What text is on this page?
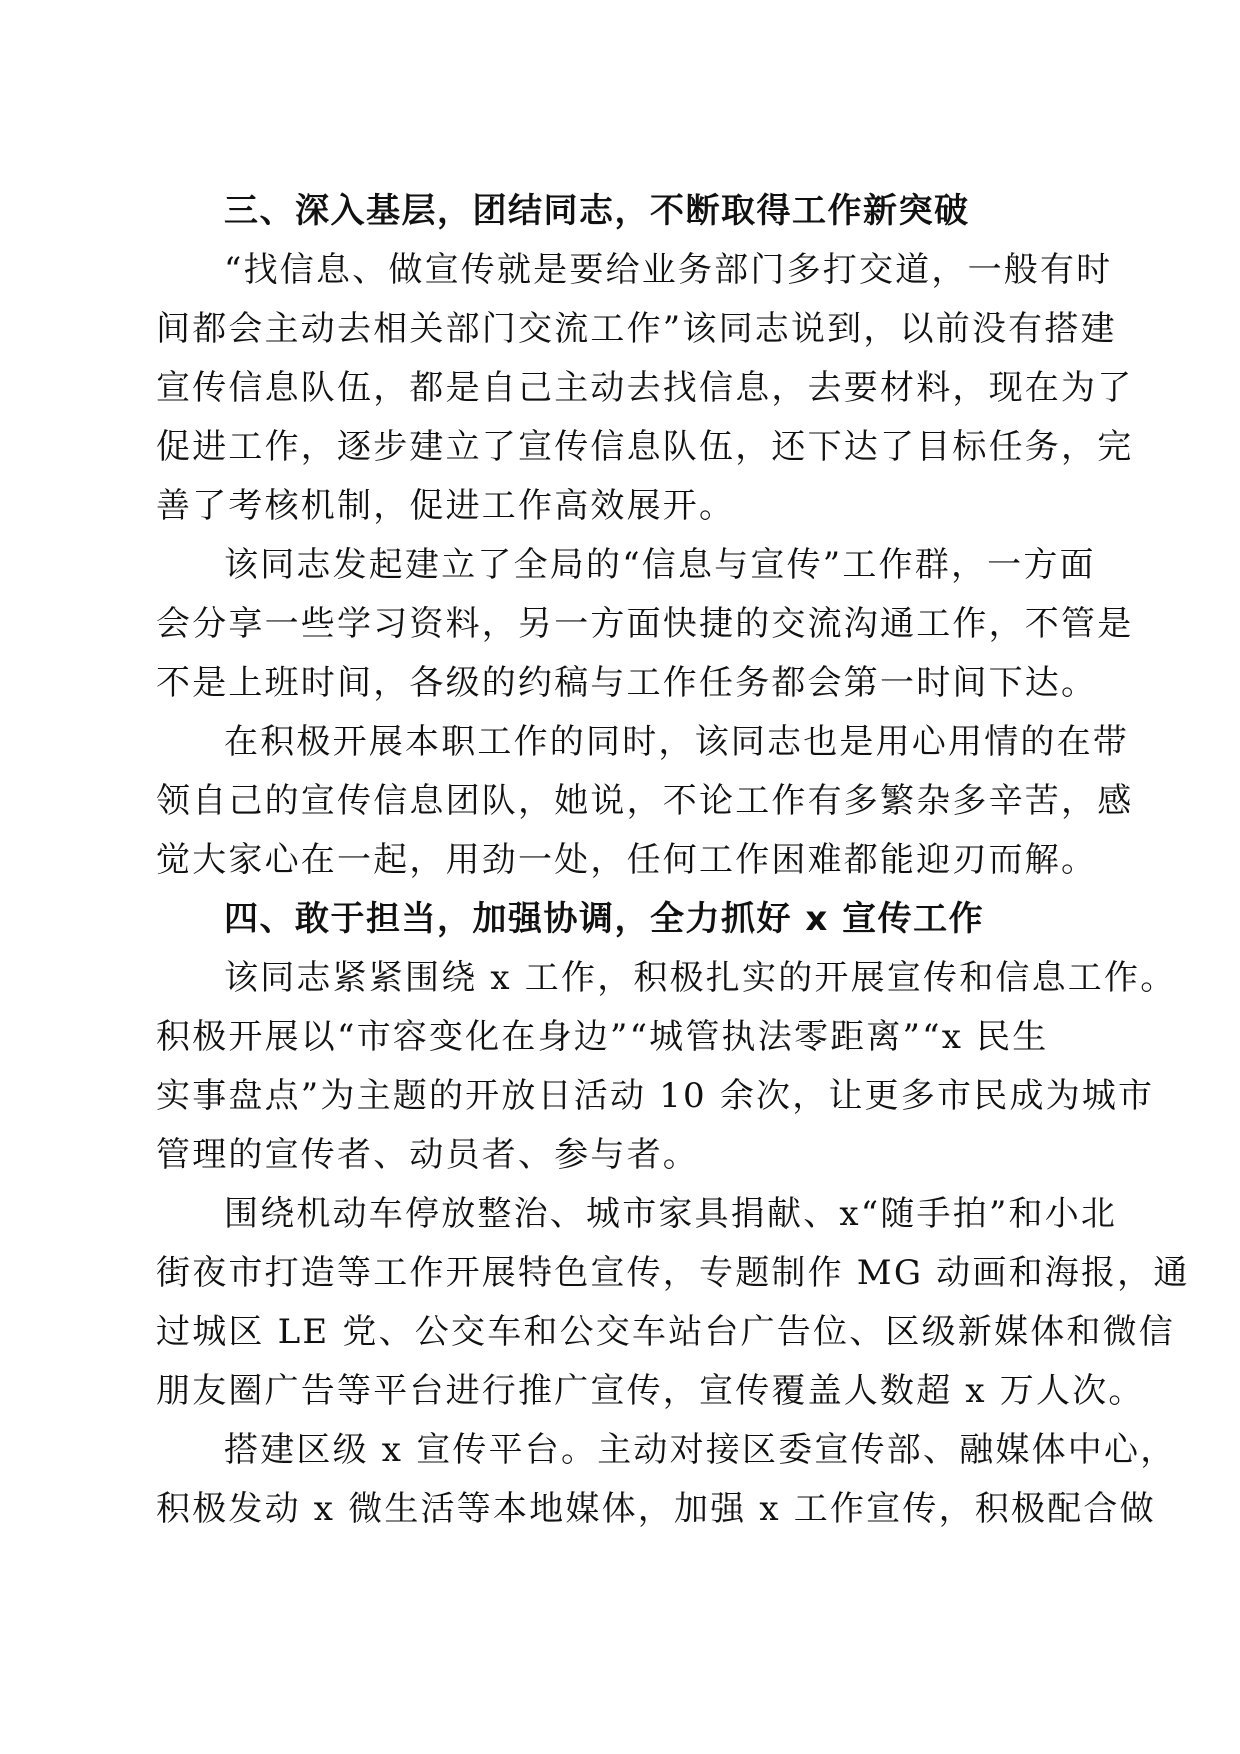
三、深入基层，团结同志，不断取得工作新突破
“找信息、做宣传就是要给业务部门多打交道，一般有时
间都会主动去相关部门交流工作”该同志说到，以前没有搭建
宣传信息队伍，都是自己主动去找信息，去要材料，现在为了
促进工作，逐步建立了宣传信息队伍，还下达了目标任务，完
善了考核机制，促进工作高效展开。
该同志发起建立了全局的“信息与宣传”工作群，一方面
会分享一些学习资料，另一方面快捷的交流沟通工作，不管是
不是上班时间，各级的约稿与工作任务都会第一时间下达。
在积极开展本职工作的同时，该同志也是用心用情的在带
领自己的宣传信息团队，她说，不论工作有多繁杂多辛苦，感
觉大家心在一起，用劲一处，任何工作困难都能迎刃而解。
四、敢于担当，加强协调，全力抓好 x 宣传工作
该同志紧紧围绕 x 工作，积极扎实的开展宣传和信息工作。
积极开展以“市容变化在身边”“城管执法零距离”“x 民生
实事盘点”为主题的开放日活动 10 余次，让更多市民成为城市
管理的宣传者、动员者、参与者。
围绕机动车停放整治、城市家具捐献、x“随手拍”和小北
街夜市打造等工作开展特色宣传，专题制作 MG 动画和海报，通
过城区 LE 党、公交车和公交车站台广告位、区级新媒体和微信
朋友圈广告等平台进行推广宣传，宣传覆盖人数超 x 万人次。
搭建区级 x 宣传平台。主动对接区委宣传部、融媒体中心，
积极发动 x 微生活等本地媒体，加强 x 工作宣传，积极配合做
